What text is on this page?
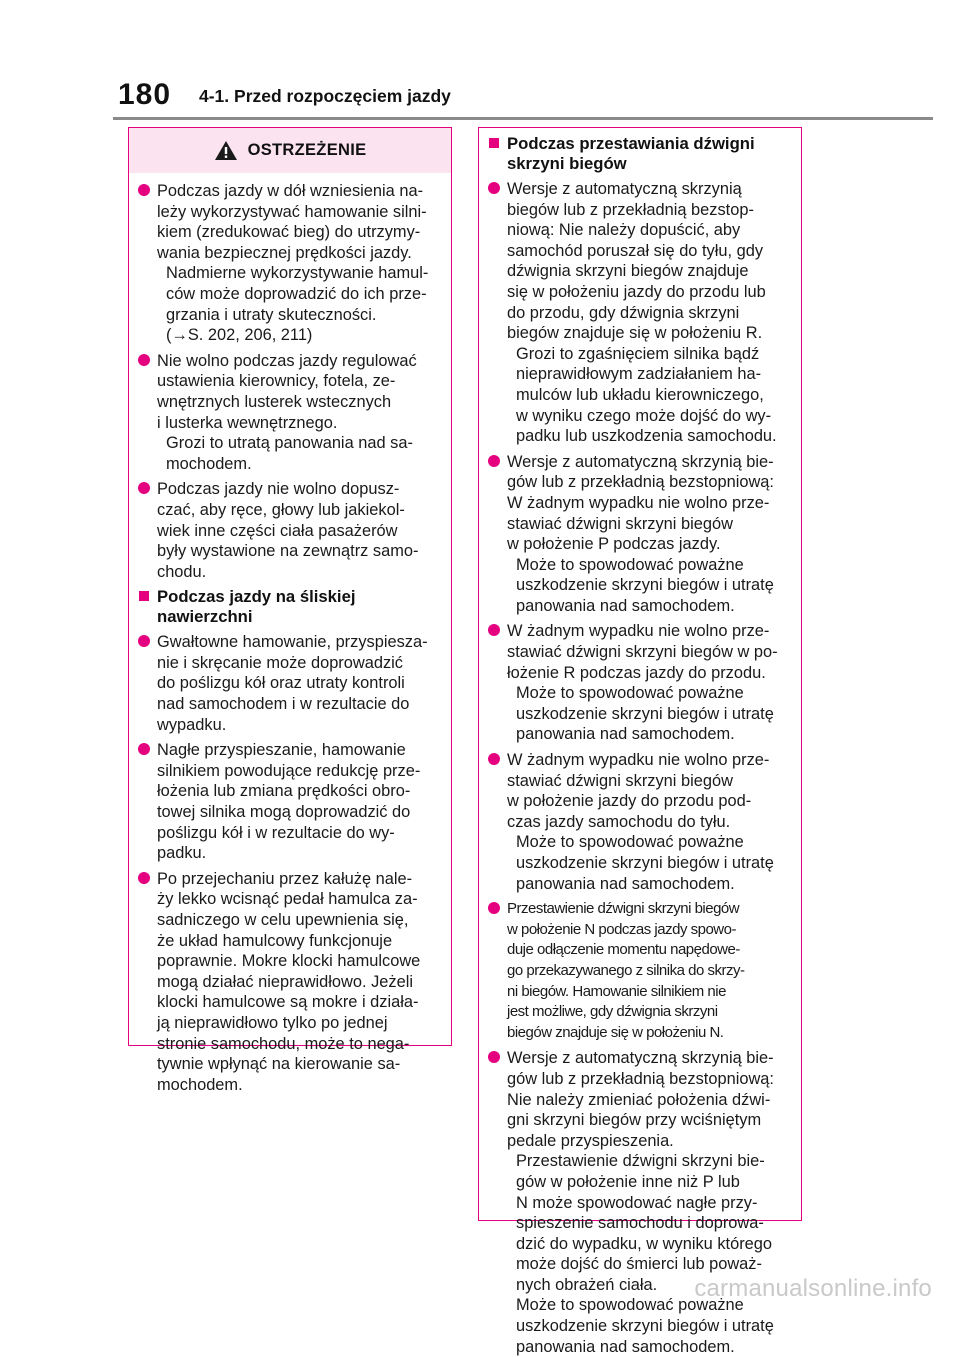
180 4-1. Przed rozpoczęciem jazdy
OSTRZEŻENIE
Podczas jazdy w dół wzniesienia na-
leży wykorzystywać hamowanie silni-
kiem (zredukować bieg) do utrzymy-
wania bezpiecznej prędkości jazdy.
Nadmierne wykorzystywanie hamul-
ców może doprowadzić do ich prze-
grzania i utraty skuteczności.
(→S. 202, 206, 211)
Nie wolno podczas jazdy regulować
ustawienia kierownicy, fotela, ze-
wnętrznych lusterek wstecznych
i lusterka wewnętrznego.
Grozi to utratą panowania nad sa-
mochodem.
Podczas jazdy nie wolno dopusz-
czać, aby ręce, głowy lub jakiekol-
wiek inne części ciała pasażerów
były wystawione na zewnątrz samo-
chodu.
Podczas jazdy na śliskiej
nawierzchni
Gwałtowne hamowanie, przyspiesza-
nie i skręcanie może doprowadzić
do poślizgu kół oraz utraty kontroli
nad samochodem i w rezultacie do
wypadku.
Nagłe przyspieszanie, hamowanie
silnikiem powodujące redukcję prze-
łożenia lub zmiana prędkości obro-
towej silnika mogą doprowadzić do
poślizgu kół i w rezultacie do wy-
padku.
Po przejechaniu przez kałużę nale-
ży lekko wcisnąć pedał hamulca za-
sadniczego w celu upewnienia się,
że układ hamulcowy funkcjonuje
poprawnie. Mokre klocki hamulcowe
mogą działać nieprawidłowo. Jeżeli
klocki hamulcowe są mokre i działa-
ją nieprawidłowo tylko po jednej
stronie samochodu, może to nega-
tywnie wpłynąć na kierowanie sa-
mochodem.
Podczas przestawiania dźwigni
skrzyni biegów
Wersje z automatyczną skrzynią
biegów lub z przekładnią bezstop-
niową: Nie należy dopuścić, aby
samochód poruszał się do tyłu, gdy
dźwignia skrzyni biegów znajduje
się w położeniu jazdy do przodu lub
do przodu, gdy dźwignia skrzyni
biegów znajduje się w położeniu R.
Grozi to zgaśnięciem silnika bądź
nieprawidłowym zadziałaniem ha-
mulców lub układu kierowniczego,
w wyniku czego może dojść do wy-
padku lub uszkodzenia samochodu.
Wersje z automatyczną skrzynią bie-
gów lub z przekładnią bezstopniową:
W żadnym wypadku nie wolno prze-
stawiać dźwigni skrzyni biegów
w położenie P podczas jazdy.
Może to spowodować poważne
uszkodzenie skrzyni biegów i utratę
panowania nad samochodem.
W żadnym wypadku nie wolno prze-
stawiać dźwigni skrzyni biegów w po-
łożenie R podczas jazdy do przodu.
Może to spowodować poważne
uszkodzenie skrzyni biegów i utratę
panowania nad samochodem.
W żadnym wypadku nie wolno prze-
stawiać dźwigni skrzyni biegów
w położenie jazdy do przodu pod-
czas jazdy samochodu do tyłu.
Może to spowodować poważne
uszkodzenie skrzyni biegów i utratę
panowania nad samochodem.
Przestawienie dźwigni skrzyni biegów
w położenie N podczas jazdy spowo-
duje odłączenie momentu napędowe-
go przekazywanego z silnika do skrzy-
ni biegów. Hamowanie silnikiem nie
jest możliwe, gdy dźwignia skrzyni
biegów znajduje się w położeniu N.
Wersje z automatyczną skrzynią bie-
gów lub z przekładnią bezstopniową:
Nie należy zmieniać położenia dźwi-
gni skrzyni biegów przy wciśniętym
pedale przyspieszenia.
Przestawienie dźwigni skrzyni bie-
gów w położenie inne niż P lub
N może spowodować nagłe przy-
spieszenie samochodu i doprowa-
dzić do wypadku, w wyniku którego
może dojść do śmierci lub poważ-
nych obrażeń ciała.
Może to spowodować poważne
uszkodzenie skrzyni biegów i utratę
panowania nad samochodem.
carmanualsonline.info
